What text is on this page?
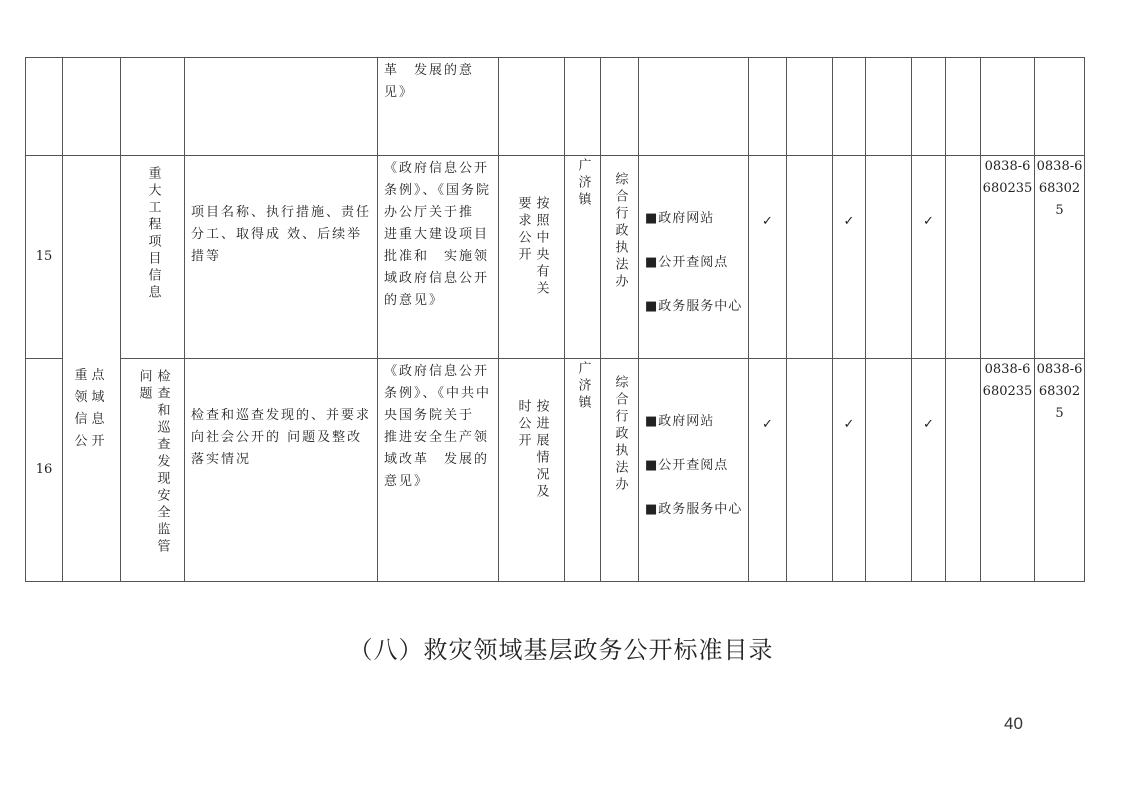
				革　发展的意见》												

15	重点领域信息公开	重大工程项目信息	项目名称、执行措施、责任分工、取得成 效、后续举措等	《政府信息公开条例》、《国务院办公厅关于推　进重大建设项目批准和　实施领域政府信息公开的意见》	按照中央有关要求公开	广济镇	综合行政执法办	■政府网站

■公开查阅点

■政务服务中心	✓		✓		✓		0838-6680235	0838-6683025
16		检查和巡查发现安全监管问题	检查和巡查发现的、并要求向社会公开的 问题及整改落实情况	《政府信息公开条例》、《中共中央国务院关于　推进安全生产领域改革　发展的意见》	按进展情况及时公开	广济镇	综合行政执法办	■政府网站

■公开查阅点

■政务服务中心	✓		✓		✓		0838-6680235	0838-6683025
（八）救灾领域基层政务公开标准目录
40
